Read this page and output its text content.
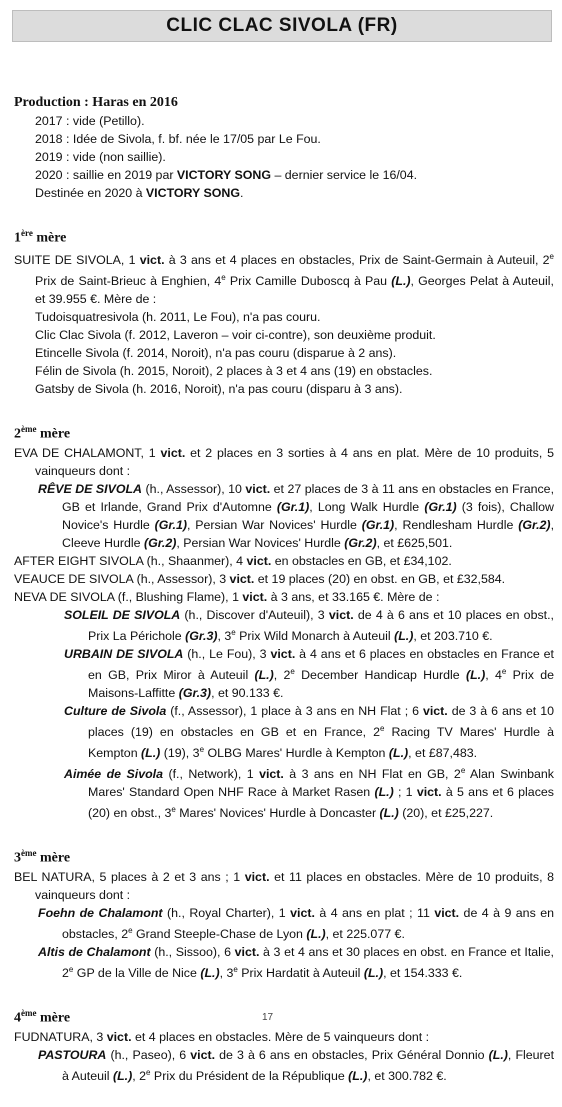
CLIC CLAC SIVOLA (FR)
Production : Haras en 2016
2017 : vide (Petillo).
2018 : Idée de Sivola, f. bf. née le 17/05 par Le Fou.
2019 : vide (non saillie).
2020 : saillie en 2019 par VICTORY SONG – dernier service le 16/04.
Destinée en 2020 à VICTORY SONG.
1ère mère
SUITE DE SIVOLA, 1 vict. à 3 ans et 4 places en obstacles, Prix de Saint-Germain à Auteuil, 2e Prix de Saint-Brieuc à Enghien, 4e Prix Camille Duboscq à Pau (L.), Georges Pelat à Auteuil, et 39.955 €. Mère de :
Tudoisquatresivola (h. 2011, Le Fou), n'a pas couru.
Clic Clac Sivola (f. 2012, Laveron – voir ci-contre), son deuxième produit.
Etincelle Sivola (f. 2014, Noroit), n'a pas couru (disparue à 2 ans).
Félin de Sivola (h. 2015, Noroit), 2 places à 3 et 4 ans (19) en obstacles.
Gatsby de Sivola (h. 2016, Noroit), n'a pas couru (disparu à 3 ans).
2ème mère
EVA DE CHALAMONT, 1 vict. et 2 places en 3 sorties à 4 ans en plat. Mère de 10 produits, 5 vainqueurs dont :
RÊVE DE SIVOLA (h., Assessor), 10 vict. et 27 places de 3 à 11 ans en obstacles en France, GB et Irlande, Grand Prix d'Automne (Gr.1), Long Walk Hurdle (Gr.1) (3 fois), Challow Novice's Hurdle (Gr.1), Persian War Novices' Hurdle (Gr.1), Rendlesham Hurdle (Gr.2), Cleeve Hurdle (Gr.2), Persian War Novices' Hurdle (Gr.2), et £625,501.
AFTER EIGHT SIVOLA (h., Shaanmer), 4 vict. en obstacles en GB, et £34,102.
VEAUCE DE SIVOLA (h., Assessor), 3 vict. et 19 places (20) en obst. en GB, et £32,584.
NEVA DE SIVOLA (f., Blushing Flame), 1 vict. à 3 ans, et 33.165 €. Mère de :
SOLEIL DE SIVOLA (h., Discover d'Auteuil), 3 vict. de 4 à 6 ans et 10 places en obst., Prix La Périchole (Gr.3), 3e Prix Wild Monarch à Auteuil (L.), et 203.710 €.
URBAIN DE SIVOLA (h., Le Fou), 3 vict. à 4 ans et 6 places en obstacles en France et en GB, Prix Miror à Auteuil (L.), 2e December Handicap Hurdle (L.), 4e Prix de Maisons-Laffitte (Gr.3), et 90.133 €.
Culture de Sivola (f., Assessor), 1 place à 3 ans en NH Flat ; 6 vict. de 3 à 6 ans et 10 places (19) en obstacles en GB et en France, 2e Racing TV Mares' Hurdle à Kempton (L.) (19), 3e OLBG Mares' Hurdle à Kempton (L.), et £87,483.
Aimée de Sivola (f., Network), 1 vict. à 3 ans en NH Flat en GB, 2e Alan Swinbank Mares' Standard Open NHF Race à Market Rasen (L.) ; 1 vict. à 5 ans et 6 places (20) en obst., 3e Mares' Novices' Hurdle à Doncaster (L.) (20), et £25,227.
3ème mère
BEL NATURA, 5 places à 2 et 3 ans ; 1 vict. et 11 places en obstacles. Mère de 10 produits, 8 vainqueurs dont :
Foehn de Chalamont (h., Royal Charter), 1 vict. à 4 ans en plat ; 11 vict. de 4 à 9 ans en obstacles, 2e Grand Steeple-Chase de Lyon (L.), et 225.077 €.
Altis de Chalamont (h., Sissoo), 6 vict. à 3 et 4 ans et 30 places en obst. en France et Italie, 2e GP de la Ville de Nice (L.), 3e Prix Hardatit à Auteuil (L.), et 154.333 €.
4ème mère
FUDNATURA, 3 vict. et 4 places en obstacles. Mère de 5 vainqueurs dont :
PASTOURA (h., Paseo), 6 vict. de 3 à 6 ans en obstacles, Prix Général Donnio (L.), Fleuret à Auteuil (L.), 2e Prix du Président de la République (L.), et 300.782 €.
17
